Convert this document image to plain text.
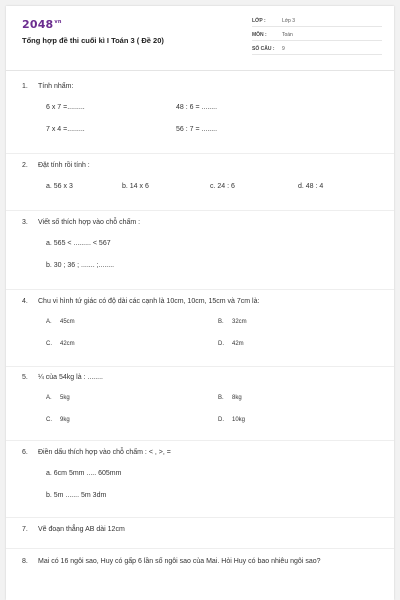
$2048^{vn}$
Tổng hợp đề thi cuối kì I Toán 3 ( Đề 20)
LỚP :	Lớp 3
MÔN :	Toán
SỐ CÂU : 9
1. Tính nhẩm:
6 x 7 =.........	48 : 6 = ........
7 x 4 =.........	56 : 7 = ........
2. Đặt tính rồi tính :
a. 56 x 3	b. 14 x 6	c. 24 : 6	d. 48 : 4
3. Viết số thích hợp vào chỗ chấm :
a. 565 < ......... < 567
b. 30 ; 36 ; ....... ;........
4. Chu vi hình tứ giác có độ dài các cạnh là 10cm, 10cm, 15cm và 7cm là:
A. 45cm	B. 32cm
C. 42cm	D. 42m
5. ¼ của 54kg là : ........
A. 5kg	B. 8kg
C. 9kg	D. 10kg
6. Điền dấu thích hợp vào chỗ chấm : < , >, =
a. 6cm 5mm ..... 605mm
b. 5m ....... 5m 3dm
7. Vẽ đoạn thẳng AB dài 12cm
8. Mai có 16 ngôi sao, Huy có gấp 6 lần số ngôi sao của Mai. Hỏi Huy có bao nhiêu ngôi sao?
